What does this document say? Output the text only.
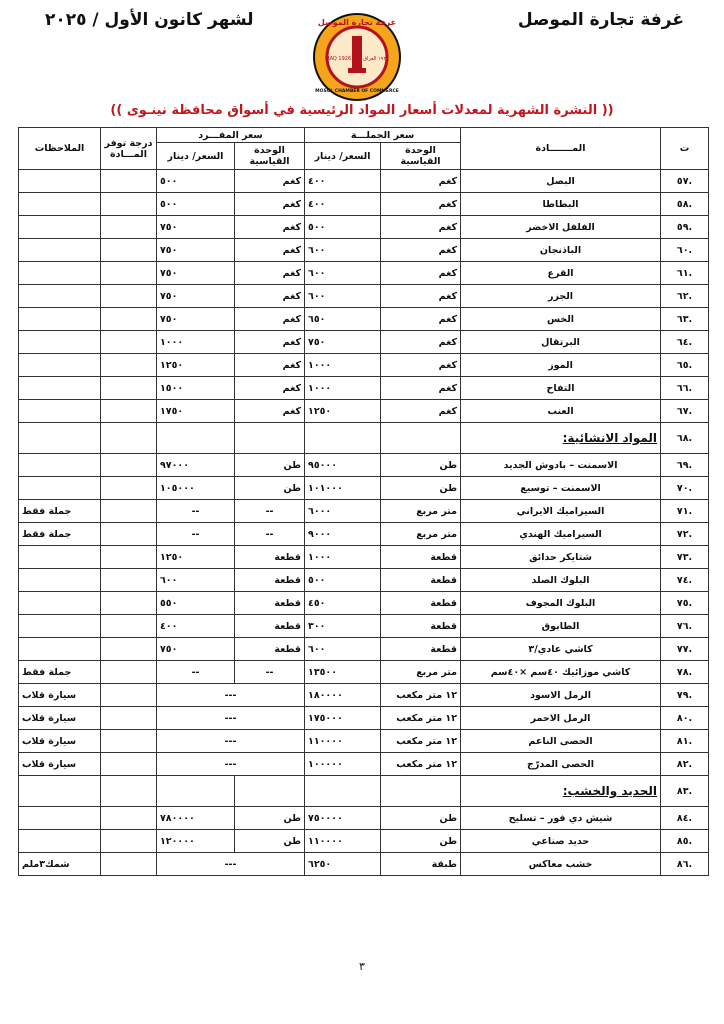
غرفة تجارة الموصل
لشهر كانون الأول / ٢٠٢٥	غرفة تجارة الموصل
IRAQ 1926 ١٩٢٦ العراق
MOSUL CHAMBER OF COMMERCE
(( النشرة الشهرية لمعدلات أسعار المواد الرئيسية في أسواق محافظة نينـوى ))
ت	المـــــــادة	سعر الجملـــة		سعر المفـــرد		درجة توفر المـــادة	الملاحظات
		الوحدة القياسية	السعر/ دينار	الوحدة القياسية	السعر/ دينار		
.٥٧	البصل	كغم	٤٠٠	كغم	٥٠٠		
.٥٨	البطاطا	كغم	٤٠٠	كغم	٥٠٠		
.٥٩	الفلفل الاخضر	كغم	٥٠٠	كغم	٧٥٠		
.٦٠	الباذنجان	كغم	٦٠٠	كغم	٧٥٠		
.٦١	القرع	كغم	٦٠٠	كغم	٧٥٠		
.٦٢	الجزر	كغم	٦٠٠	كغم	٧٥٠		
.٦٣	الخس	كغم	٦٥٠	كغم	٧٥٠		
.٦٤	البرتقال	كغم	٧٥٠	كغم	١٠٠٠		
.٦٥	الموز	كغم	١٠٠٠	كغم	١٢٥٠		
.٦٦	التفاح	كغم	١٠٠٠	كغم	١٥٠٠		
.٦٧	العنب	كغم	١٢٥٠	كغم	١٧٥٠		
.٦٨	المواد الانشائية:						
.٦٩	الاسمنت – بادوش الجديد	طن	٩٥٠٠٠	طن	٩٧٠٠٠		
.٧٠	الاسمنت – توسيع	طن	١٠١٠٠٠	طن	١٠٥٠٠٠		
.٧١	السيراميك الايراني	متر مربع	٦٠٠٠	--	--		جملة فقط
.٧٢	السيراميك الهندي	متر مربع	٩٠٠٠	--	--		جملة فقط
.٧٣	شتايكر حدائق	قطعة	١٠٠٠	قطعة	١٢٥٠		
.٧٤	البلوك الصلد	قطعة	٥٠٠	قطعة	٦٠٠		
.٧٥	البلوك المجوف	قطعة	٤٥٠	قطعة	٥٥٠		
.٧٦	الطابوق	قطعة	٣٠٠	قطعة	٤٠٠		
.٧٧	كاشي عادي/٣	قطعة	٦٠٠	قطعة	٧٥٠		
.٧٨	كاشي موزائيك ٤٠سم ×٤٠سم	متر مربع	١٣٥٠٠	--	--		جملة فقط
.٧٩	الرمل الاسود	١٢ متر مكعب	١٨٠٠٠٠	---			سيارة قلاب
.٨٠	الرمل الاحمر	١٢ متر مكعب	١٧٥٠٠٠	---			سيارة قلاب
.٨١	الحصى الناعم	١٢ متر مكعب	١١٠٠٠٠	---			سيارة قلاب
.٨٢	الحصى المدرّج	١٢ متر مكعب	١٠٠٠٠٠	---			سيارة قلاب
.٨٣	الحديد والخشب:						
.٨٤	شيش دي فور – تسليح	طن	٧٥٠٠٠٠	طن	٧٨٠٠٠٠		
.٨٥	حديد صناعي	طن	١١٠٠٠٠	طن	١٢٠٠٠٠		
.٨٦	خشب معاكس	طبقة	٦٢٥٠	---			شمك٣ملم
٣
